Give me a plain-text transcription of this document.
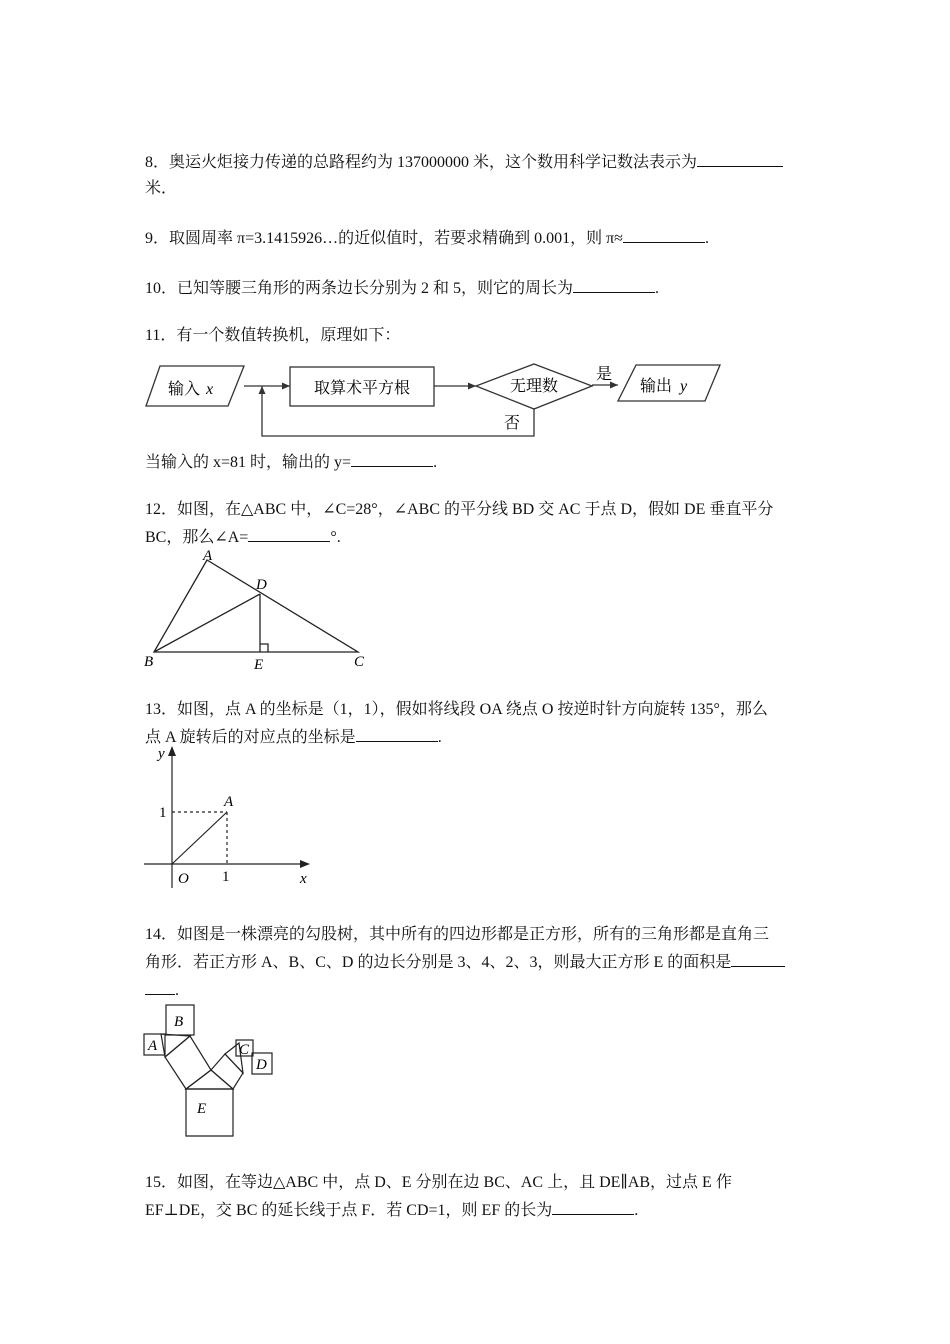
8．奥运火炬接力传递的总路程约为 137000000 米，这个数用科学记数法表示为
米．
9．取圆周率 π=3.1415926…的近似值时，若要求精确到 0.001，则 π≈	.
10．已知等腰三角形的两条边长分别为 2 和 5，则它的周长为	.
11．有一个数值转换机，原理如下：
输入 x	取算术平方根	无理数
是
否
输出 y
当输入的 x=81 时，输出的 y=	.
12．如图，在△ABC 中，∠C=28°，∠ABC 的平分线 BD 交 AC 于点 D，假如 DE 垂直平分
BC，那么∠A=	°.
A
B	C
D
E
13．如图，点 A 的坐标是（1，1），假如将线段 OA 绕点 O 按逆时针方向旋转 135°，那么
点 A 旋转后的对应点的坐标是	.
y
x
O
A
1
1
14．如图是一株漂亮的勾股树，其中所有的四边形都是正方形，所有的三角形都是直角三
角形．若正方形 A、B、C、D 的边长分别是 3、4、2、3，则最大正方形 E 的面积是
.
A
B
C
D
E
15．如图，在等边△ABC 中，点 D、E 分别在边 BC、AC 上，且 DE∥AB，过点 E 作
EF⊥DE，交 BC 的延长线于点 F．若 CD=1，则 EF 的长为	.
